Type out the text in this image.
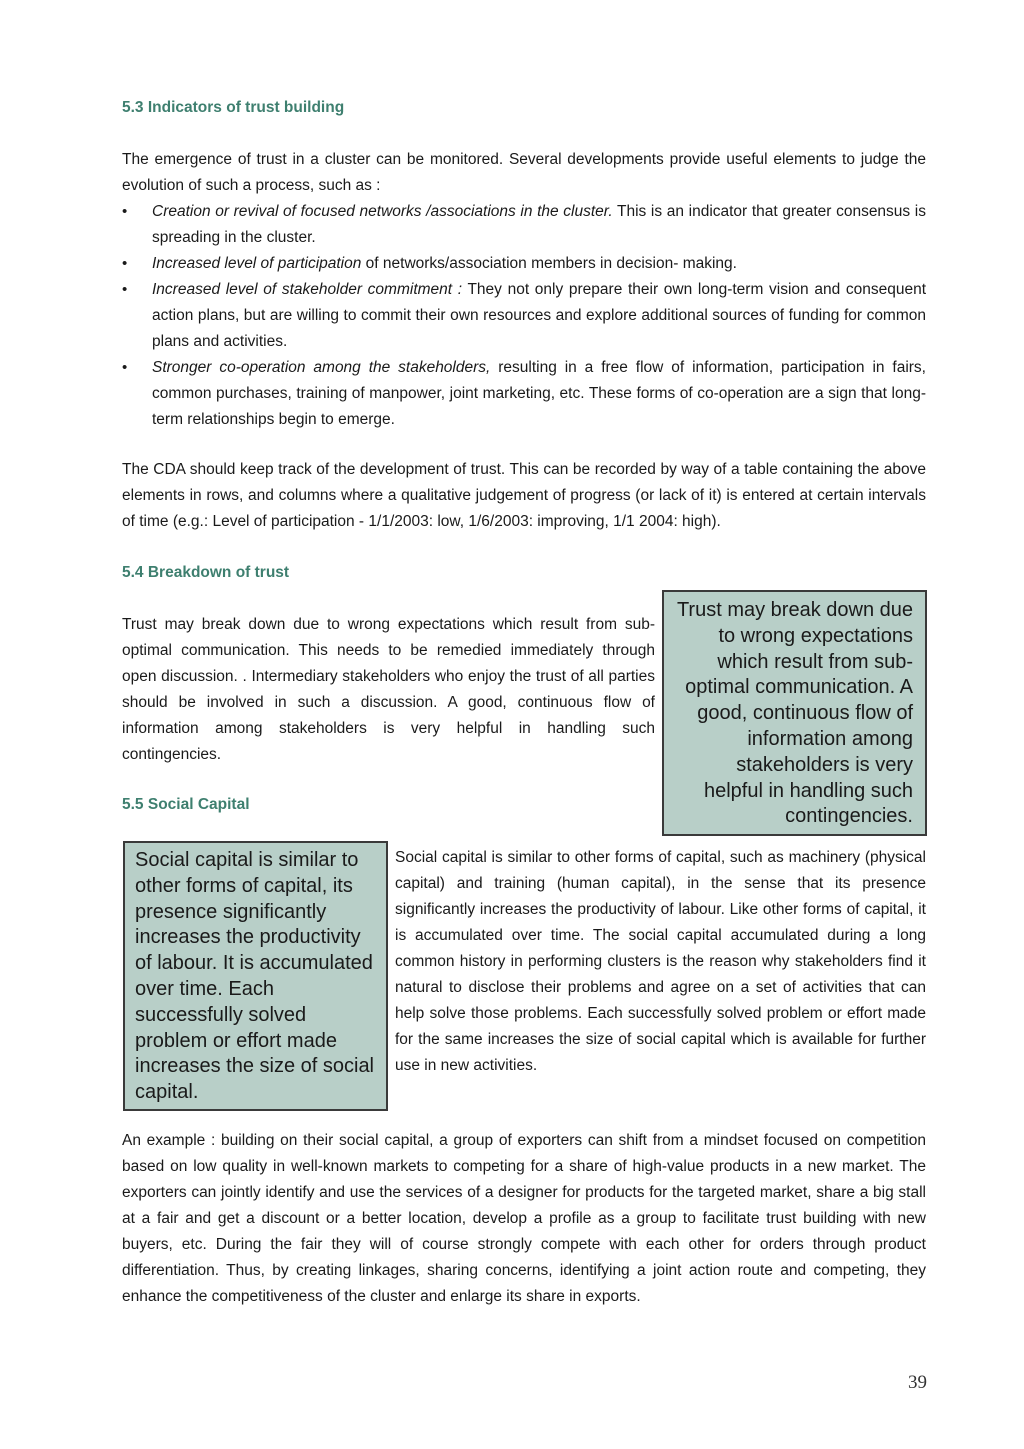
5.3 Indicators of trust building

The emergence of trust in a cluster can be monitored. Several developments provide useful elements to judge the evolution of such a process, such as :

• Creation or revival of focused networks /associations in the cluster. This is an indicator that greater consensus is spreading in the cluster.
• Increased level of participation of networks/association members in decision- making.
• Increased level of stakeholder commitment : They not only prepare their own long-term vision and consequent action plans, but are willing to commit their own resources and explore additional sources of funding for common plans and activities.
• Stronger co-operation among the stakeholders, resulting in a free flow of information, participation in fairs, common purchases, training of manpower, joint marketing, etc. These forms of co-operation are a sign that long-term relationships begin to emerge.

The CDA should keep track of the development of trust. This can be recorded by way of a table containing the above elements in rows, and columns where a qualitative judgement of progress (or lack of it) is entered at certain intervals of time (e.g.: Level of participation - 1/1/2003: low, 1/6/2003: improving, 1/1 2004: high).

5.4 Breakdown of trust

Trust may break down due to wrong expectations which result from sub-optimal communication. This needs to be remedied immediately through open discussion. . Intermediary stakeholders who enjoy the trust of all parties should be involved in such a discussion. A good, continuous flow of information among stakeholders is very helpful in handling such contingencies.

Trust may break down due to wrong expectations which result from sub-optimal communication. A good, continuous flow of information among stakeholders is very helpful in handling such contingencies.
5.5 Social Capital
Social capital is similar to other forms of capital, its presence significantly increases the productivity of labour. It is accumulated over time. Each successfully solved problem or effort made increases the size of social capital.

Social capital is similar to other forms of capital, such as machinery (physical capital) and training (human capital), in the sense that its presence significantly increases the productivity of labour. Like other forms of capital, it is accumulated over time. The social capital accumulated during a long common history in performing clusters is the reason why stakeholders find it natural to disclose their problems and agree on a set of activities that can help solve those problems. Each successfully solved problem or effort made for the same increases the size of social capital which is available for further use in new activities.

An example : building on their social capital, a group of exporters can shift from a mindset focused on competition based on low quality in well-known markets to competing for a share of high-value products in a new market. The exporters can jointly identify and use the services of a designer for products for the targeted market, share a big stall at a fair and get a discount or a better location, develop a profile as a group to facilitate trust building with new buyers, etc. During the fair they will of course strongly compete with each other for orders through product differentiation. Thus, by creating linkages, sharing concerns, identifying a joint action route and competing, they enhance the competitiveness of the cluster and enlarge its share in exports.

39
